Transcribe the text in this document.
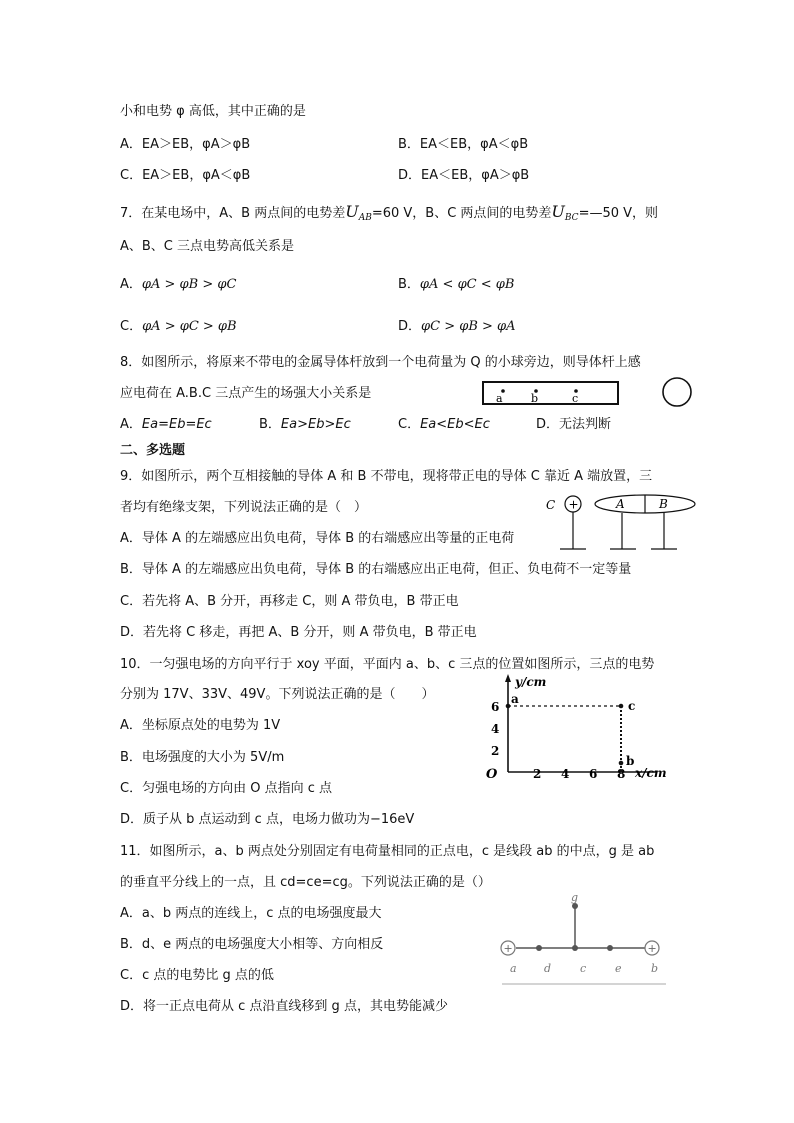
小和电势 φ 高低，其中正确的是
A．EA＞EB，φA＞φB	B．EA＜EB，φA＜φB
C．EA＞EB，φA＜φB	D．EA＜EB，φA＞φB
7．在某电场中，A、B 两点间的电势差$U_{AB}=60$ V，B、C 两点间的电势差$U_{BC}=—50$ V，则
A、B、C 三点电势高低关系是
A．φA > φB > φC	B．φA < φC < φB
C．φA > φC > φB	D．φC > φB > φA
8．如图所示，将原来不带电的金属导体杆放到一个电荷量为 Q 的小球旁边，则导体杆上感
应电荷在 A.B.C 三点产生的场强大小关系是	a	b	c
A．Ea=Eb=Ec	B．Ea>Eb>Ec	C．Ea<Eb<Ec	D．无法判断
二、多选题
9．如图所示，两个互相接触的导体 A 和 B 不带电，现将带正电的导体 C 靠近 A 端放置，三
者均有绝缘支架，下列说法正确的是（　）	C +	A	B
A．导体 A 的左端感应出负电荷，导体 B 的右端感应出等量的正电荷
B．导体 A 的左端感应出负电荷，导体 B 的右端感应出正电荷，但正、负电荷不一定等量
C．若先将 A、B 分开，再移走 C，则 A 带负电，B 带正电
D．若先将 C 移走，再把 A、B 分开，则 A 带负电，B 带正电
10．一匀强电场的方向平行于 xoy 平面，平面内 a、b、c 三点的位置如图所示，三点的电势
分别为 17V、33V、49V。下列说法正确的是（　　）
y/cm
x/cm
O	2 4 6 8
2
4
6
a	c
b
A．坐标原点处的电势为 1V
B．电场强度的大小为 5V/m
C．匀强电场的方向由 O 点指向 c 点
D．质子从 b 点运动到 c 点，电场力做功为−16eV
11．如图所示，a、b 两点处分别固定有电荷量相同的正点电，c 是线段 ab 的中点，g 是 ab
的垂直平分线上的一点，且 cd=ce=cg。下列说法正确的是（）
+	+
g
a d	c	e	b
A．a、b 两点的连线上，c 点的电场强度最大
B．d、e 两点的电场强度大小相等、方向相反
C．c 点的电势比 g 点的低
D．将一正点电荷从 c 点沿直线移到 g 点，其电势能减少
